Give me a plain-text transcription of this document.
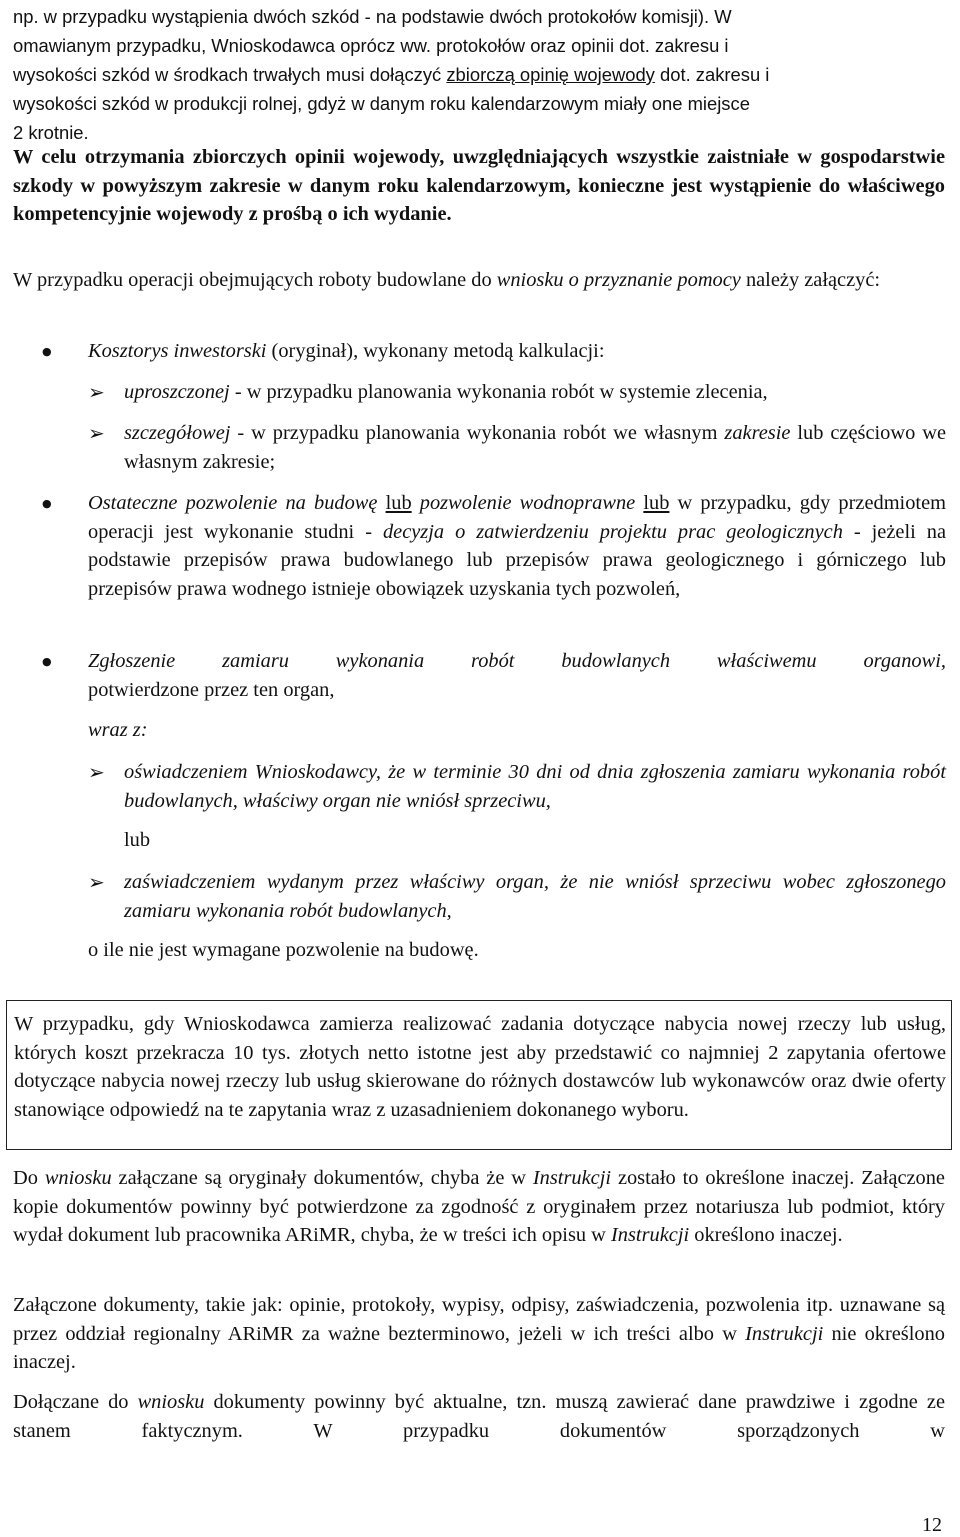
np. w przypadku wystąpienia dwóch szkód - na podstawie dwóch protokołów komisji). W

omawianym przypadku, Wnioskodawca oprócz ww. protokołów oraz opinii dot. zakresu i

wysokości szkód w środkach trwałych musi dołączyć zbiorczą opinię wojewody dot. zakresu i

wysokości szkód w produkcji rolnej, gdyż w danym roku kalendarzowym miały one miejsce

2 krotnie.

W celu otrzymania zbiorczych opinii wojewody, uwzględniających wszystkie zaistniałe w gospodarstwie szkody w powyższym zakresie w danym roku kalendarzowym, konieczne jest wystąpienie do właściwego kompetencyjnie wojewody z prośbą o ich wydanie.

W przypadku operacji obejmujących roboty budowlane do wniosku o przyznanie pomocy należy załączyć:

● Kosztorys inwestorski (oryginał), wykonany metodą kalkulacji:

➢ uproszczonej - w przypadku planowania wykonania robót w systemie zlecenia,

➢ szczegółowej - w przypadku planowania wykonania robót we własnym zakresie lub częściowo we własnym zakresie;

● Ostateczne pozwolenie na budowę lub pozwolenie wodnoprawne lub w przypadku, gdy przedmiotem operacji jest wykonanie studni - decyzja o zatwierdzeniu projektu prac geologicznych - jeżeli na podstawie przepisów prawa budowlanego lub przepisów prawa geologicznego i górniczego lub przepisów prawa wodnego istnieje obowiązek uzyskania tych pozwoleń,

● Zgłoszenie zamiaru wykonania robót budowlanych właściwemu organowi,

potwierdzone przez ten organ,

wraz z:

➢ oświadczeniem Wnioskodawcy, że w terminie 30 dni od dnia zgłoszenia zamiaru wykonania robót budowlanych, właściwy organ nie wniósł sprzeciwu,

lub

➢ zaświadczeniem wydanym przez właściwy organ, że nie wniósł sprzeciwu wobec zgłoszonego zamiaru wykonania robót budowlanych,

o ile nie jest wymagane pozwolenie na budowę.

W przypadku, gdy Wnioskodawca zamierza realizować zadania dotyczące nabycia nowej rzeczy lub usług, których koszt przekracza 10 tys. złotych netto istotne jest aby przedstawić co najmniej 2 zapytania ofertowe dotyczące nabycia nowej rzeczy lub usług skierowane do różnych dostawców lub wykonawców oraz dwie oferty stanowiące odpowiedź na te zapytania wraz z uzasadnieniem dokonanego wyboru.

Do wniosku załączane są oryginały dokumentów, chyba że w Instrukcji zostało to określone inaczej. Załączone kopie dokumentów powinny być potwierdzone za zgodność z oryginałem przez notariusza lub podmiot, który wydał dokument lub pracownika ARiMR, chyba, że w treści ich opisu w Instrukcji określono inaczej.

Załączone dokumenty, takie jak: opinie, protokoły, wypisy, odpisy, zaświadczenia, pozwolenia itp. uznawane są przez oddział regionalny ARiMR za ważne bezterminowo, jeżeli w ich treści albo w Instrukcji nie określono inaczej.

Dołączane do wniosku dokumenty powinny być aktualne, tzn. muszą zawierać dane prawdziwe i zgodne ze stanem faktycznym. W przypadku dokumentów sporządzonych w

12
